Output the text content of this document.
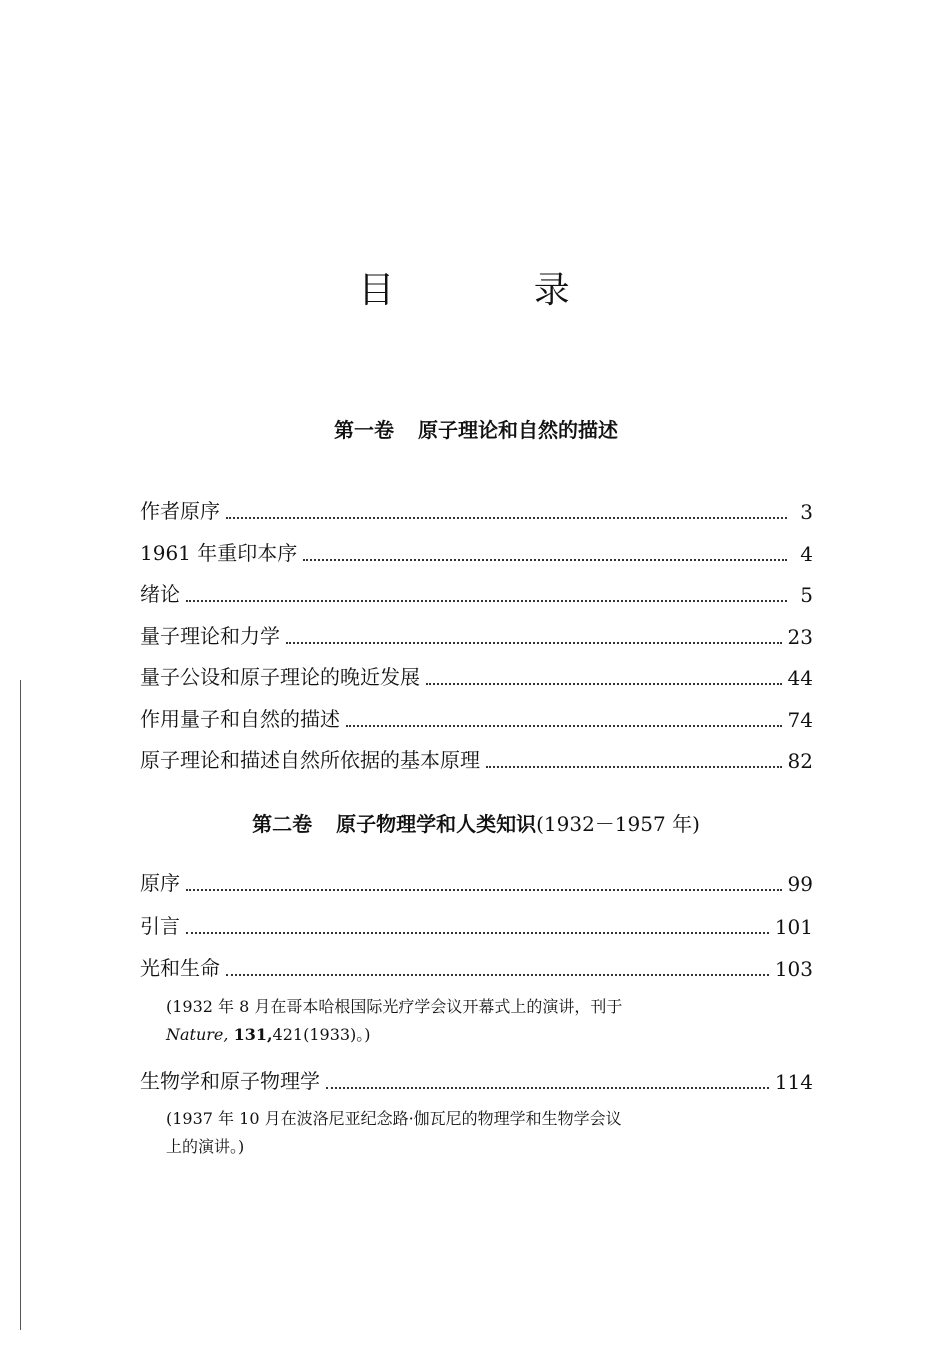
目 录
第一卷 原子理论和自然的描述
作者原序	3
1961 年重印本序	4
绪论	5
量子理论和力学	23
量子公设和原子理论的晚近发展	44
作用量子和自然的描述	74
原子理论和描述自然所依据的基本原理	82
第二卷 原子物理学和人类知识(1932－1957 年)
原序	99
引言	101
光和生命	103
(1932 年 8 月在哥本哈根国际光疗学会议开幕式上的演讲，刊于
Nature, 131,421(1933)。)
生物学和原子物理学	114
(1937 年 10 月在波洛尼亚纪念路·伽瓦尼的物理学和生物学会议
上的演讲。)
